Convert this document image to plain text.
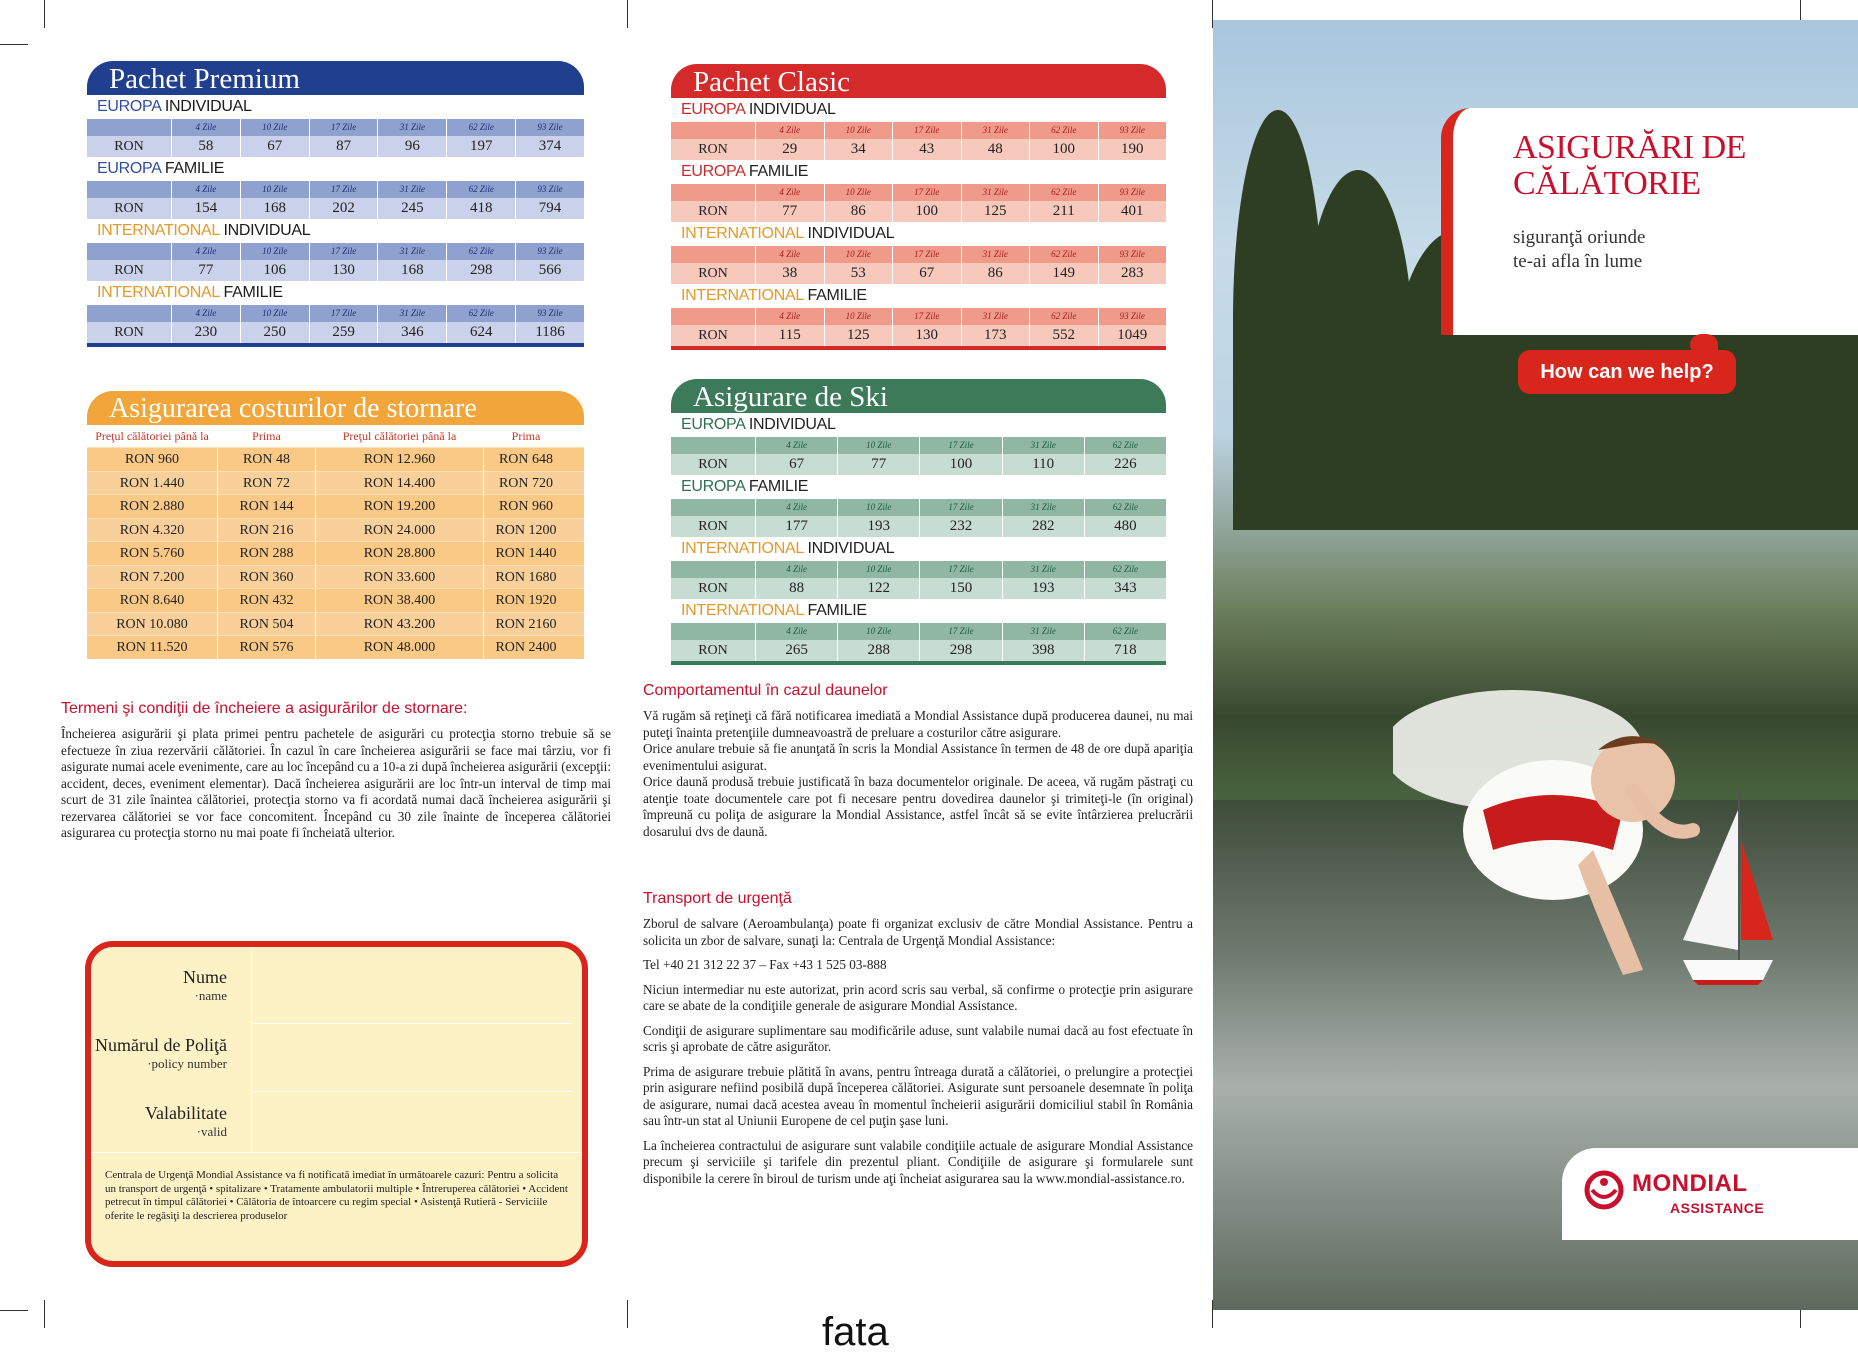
Pachet Premium
EUROPA INDIVIDUAL
4 Zile	10 Zile	17 Zile	31 Zile	62 Zile	93 Zile
RON	58	67	87	96	197	374
EUROPA FAMILIE
4 Zile	10 Zile	17 Zile	31 Zile	62 Zile	93 Zile
RON	154	168	202	245	418	794
INTERNATIONAL INDIVIDUAL
4 Zile	10 Zile	17 Zile	31 Zile	62 Zile	93 Zile
RON	77	106	130	168	298	566
INTERNATIONAL FAMILIE
4 Zile	10 Zile	17 Zile	31 Zile	62 Zile	93 Zile
RON	230	250	259	346	624	1186
Pachet Clasic
EUROPA INDIVIDUAL
4 Zile	10 Zile	17 Zile	31 Zile	62 Zile	93 Zile
RON	29	34	43	48	100	190
EUROPA FAMILIE
4 Zile	10 Zile	17 Zile	31 Zile	62 Zile	93 Zile
RON	77	86	100	125	211	401
INTERNATIONAL INDIVIDUAL
4 Zile	10 Zile	17 Zile	31 Zile	62 Zile	93 Zile
RON	38	53	67	86	149	283
INTERNATIONAL FAMILIE
4 Zile	10 Zile	17 Zile	31 Zile	62 Zile	93 Zile
RON	115	125	130	173	552	1049
Asigurare de Ski
EUROPA INDIVIDUAL
4 Zile	10 Zile	17 Zile	31 Zile	62 Zile
RON	67	77	100	110	226
EUROPA FAMILIE
4 Zile	10 Zile	17 Zile	31 Zile	62 Zile
RON	177	193	232	282	480
INTERNATIONAL INDIVIDUAL
4 Zile	10 Zile	17 Zile	31 Zile	62 Zile
RON	88	122	150	193	343
INTERNATIONAL FAMILIE
4 Zile	10 Zile	17 Zile	31 Zile	62 Zile
RON	265	288	298	398	718
Asigurarea costurilor de stornare
Preţul călătoriei până la	Prima	Preţul călătoriei până la	Prima
RON 960	RON 48	RON 12.960	RON 648
RON 1.440	RON 72	RON 14.400	RON 720
RON 2.880	RON 144	RON 19.200	RON 960
RON 4.320	RON 216	RON 24.000	RON 1200
RON 5.760	RON 288	RON 28.800	RON 1440
RON 7.200	RON 360	RON 33.600	RON 1680
RON 8.640	RON 432	RON 38.400	RON 1920
RON 10.080	RON 504	RON 43.200	RON 2160
RON 11.520	RON 576	RON 48.000	RON 2400
Termeni şi condiţii de încheiere a asigurărilor de stornare:

Încheierea asigurării şi plata primei pentru pachetele de asigurări cu protecţia storno trebuie să se efectueze în ziua rezervării călătoriei. În cazul în care încheierea asigurării se face mai târziu, vor fi asigurate numai acele evenimente, care au loc începând cu a 10-a zi după încheierea asigurării (excepţii: accident, deces, eveniment elementar). Dacă încheierea asigurării are loc într-un interval de timp mai scurt de 31 zile înaintea călătoriei, protecţia storno va fi acordată numai dacă încheierea asigurării şi rezervarea călătoriei se vor face concomitent. Începând cu 30 zile înainte de începerea călătoriei asigurarea cu protecţia storno nu mai poate fi încheiată ulterior.

Nume
·name
Numărul de Poliţă
·policy number
Valabilitate
·valid
Centrala de Urgenţă Mondial Assistance va fi notificată imediat în următoarele cazuri: Pentru a solicita un transport de urgenţă • spitalizare • Tratamente ambulatorii multiple • Întreruperea călătoriei • Accident petrecut în timpul călătoriei • Călătoria de întoarcere cu regim special • Asistenţă Rutieră - Serviciile oferite le regăsiţi la descrierea produselor
Comportamentul în cazul daunelor

Vă rugăm să reţineţi că fără notificarea imediată a Mondial Assistance după producerea daunei, nu mai puteţi înainta pretenţiile dumneavoastră de preluare a costurilor către asigurare.

Orice anulare trebuie să fie anunţată în scris la Mondial Assistance în termen de 48 de ore după apariţia evenimentului asigurat.

Orice daună produsă trebuie justificată în baza documentelor originale. De aceea, vă rugăm păstraţi cu atenţie toate documentele care pot fi necesare pentru dovedirea daunelor şi trimiteţi-le (în original) împreună cu poliţa de asigurare la Mondial Assistance, astfel încât să se evite întârzierea prelucrării dosarului dvs de daună.

Transport de urgenţă

Zborul de salvare (Aeroambulanţa) poate fi organizat exclusiv de către Mondial Assistance. Pentru a solicita un zbor de salvare, sunaţi la: Centrala de Urgenţă Mondial Assistance:

Tel +40 21 312 22 37 – Fax +43 1 525 03-888

Niciun intermediar nu este autorizat, prin acord scris sau verbal, să confirme o protecţie prin asigurare care se abate de la condiţiile generale de asigurare Mondial Assistance.

Condiţii de asigurare suplimentare sau modificările aduse, sunt valabile numai dacă au fost efectuate în scris şi aprobate de către asigurător.

Prima de asigurare trebuie plătită în avans, pentru întreaga durată a călătoriei, o prelungire a protecţiei prin asigurare nefiind posibilă după începerea călătoriei. Asigurate sunt persoanele desemnate în poliţa de asigurare, numai dacă acestea aveau în momentul încheierii asigurării domiciliul stabil în România sau într-un stat al Uniunii Europene de cel puţin şase luni.

La încheierea contractului de asigurare sunt valabile condiţiile actuale de asigurare Mondial Assistance precum şi serviciile şi tarifele din prezentul pliant. Condiţiile de asigurare şi formularele sunt disponibile la cerere în biroul de turism unde aţi încheiat asigurarea sau la www.mondial-assistance.ro.

ASIGURĂRI DE
CĂLĂTORIE
siguranţă oriunde
te-ai afla în lume
How can we help?
MONDIAL
ASSISTANCE
fata
